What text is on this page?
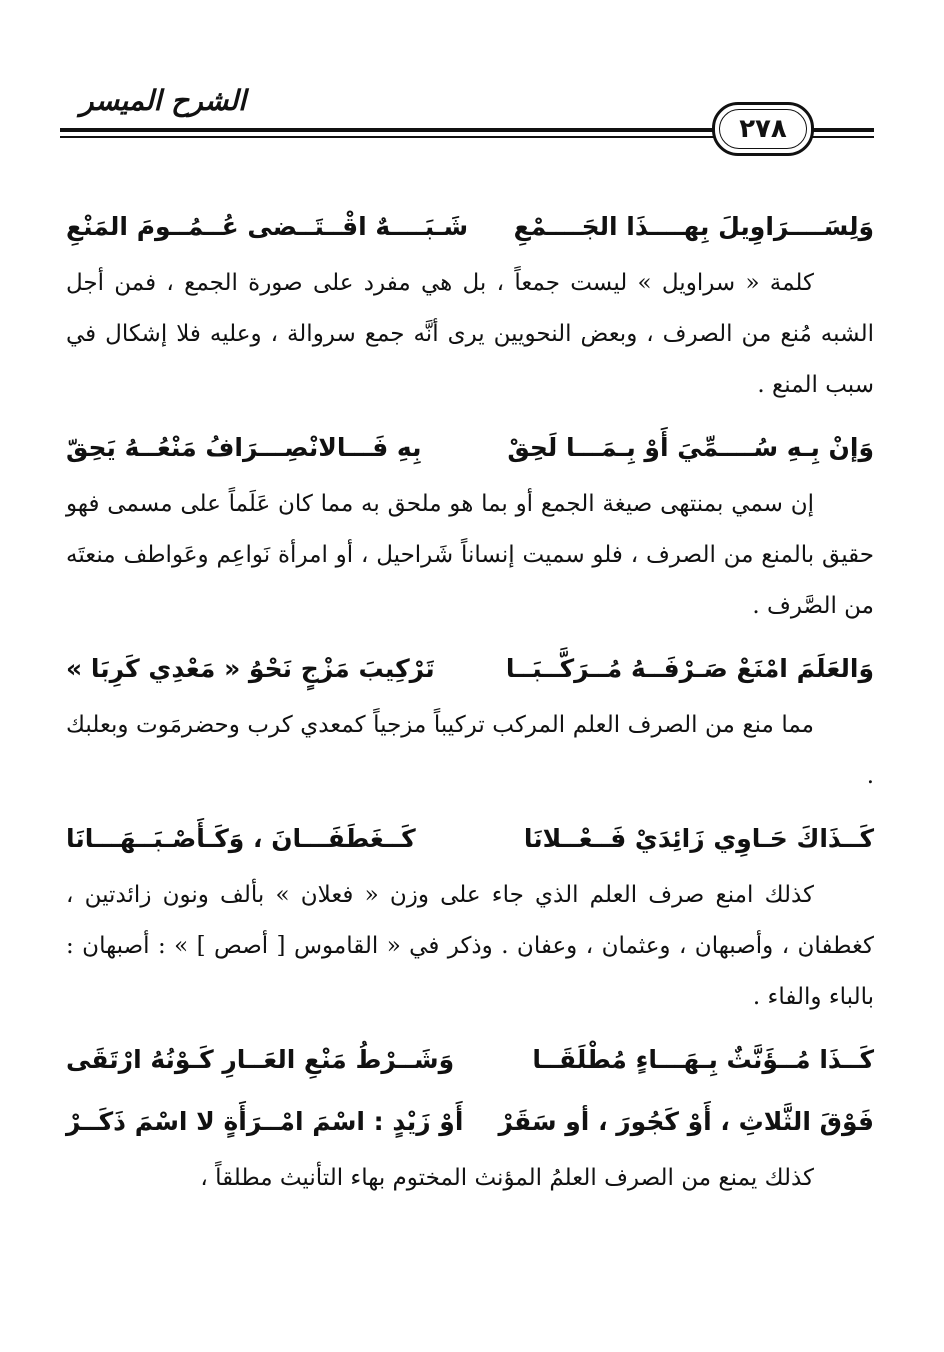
الشرح الميسر
٢٧٨
وَلِسَــــرَاوِيلَ بِهــــذَا الجَــــمْعِ
شَـبَــــهٌ اقْــتَــضى عُــمُــومَ المَنْعِ

كلمة « سراويل » ليست جمعاً ، بل هي مفرد على صورة الجمع ، فمن أجل الشبه مُنع من الصرف ، وبعض النحويين يرى أنَّه جمع سروالة ، وعليه فلا إشكال في سبب المنع .

وَإنْ بِـهِ سُــــمِّيَ أَوْ بِـمَـــا لَحِقْ
بِهِ فَـــالانْصِـــرَافُ مَنْعُــهُ يَحِقّ

إن سمي بمنتهى صيغة الجمع أو بما هو ملحق به مما كان عَلَماً على مسمى فهو حقيق بالمنع من الصرف ، فلو سميت إنساناً شَراحيل ، أو امرأة نَواعِم وعَواطف منعتَه من الصَّرف .

وَالعَلَمَ امْنَعْ صَـرْفَــهُ مُــرَكَّــبَــا
تَرْكِيبَ مَزْجٍ نَحْوُ « مَعْدِي كَرِبَا »

مما منع من الصرف العلم المركب تركيباً مزجياً كمعدي كرب وحضرمَوت وبعلبك .

كَــذَاكَ حَـاوِي زَائِدَيْ فَــعْــلانَا
كَــغَطَفَـــانَ ، وَكَـأَصْـبَــهَـــانَا

كذلك امنع صرف العلم الذي جاء على وزن « فعلان » بألف ونون زائدتين ، كغطفان ، وأصبهان ، وعثمان ، وعفان . وذكر في « القاموس [ أصص ] » : أصبهان : بالباء والفاء .

كَــذَا مُــؤَنَّثٌ بِـهَـــاءٍ مُطْلَقَــا
وَشَــرْطُ مَنْعِ العَــارِ كَـوْنُهُ ارْتَقَى
فَوْقَ الثَّلاثِ ، أَوْ كَجُورَ ، أو سَقَرْ
أَوْ زَيْدٍ : اسْمَ امْــرَأَةٍ لا اسْمَ ذَكَــرْ

كذلك يمنع من الصرف العلمُ المؤنث المختوم بهاء التأنيث مطلقاً ،
